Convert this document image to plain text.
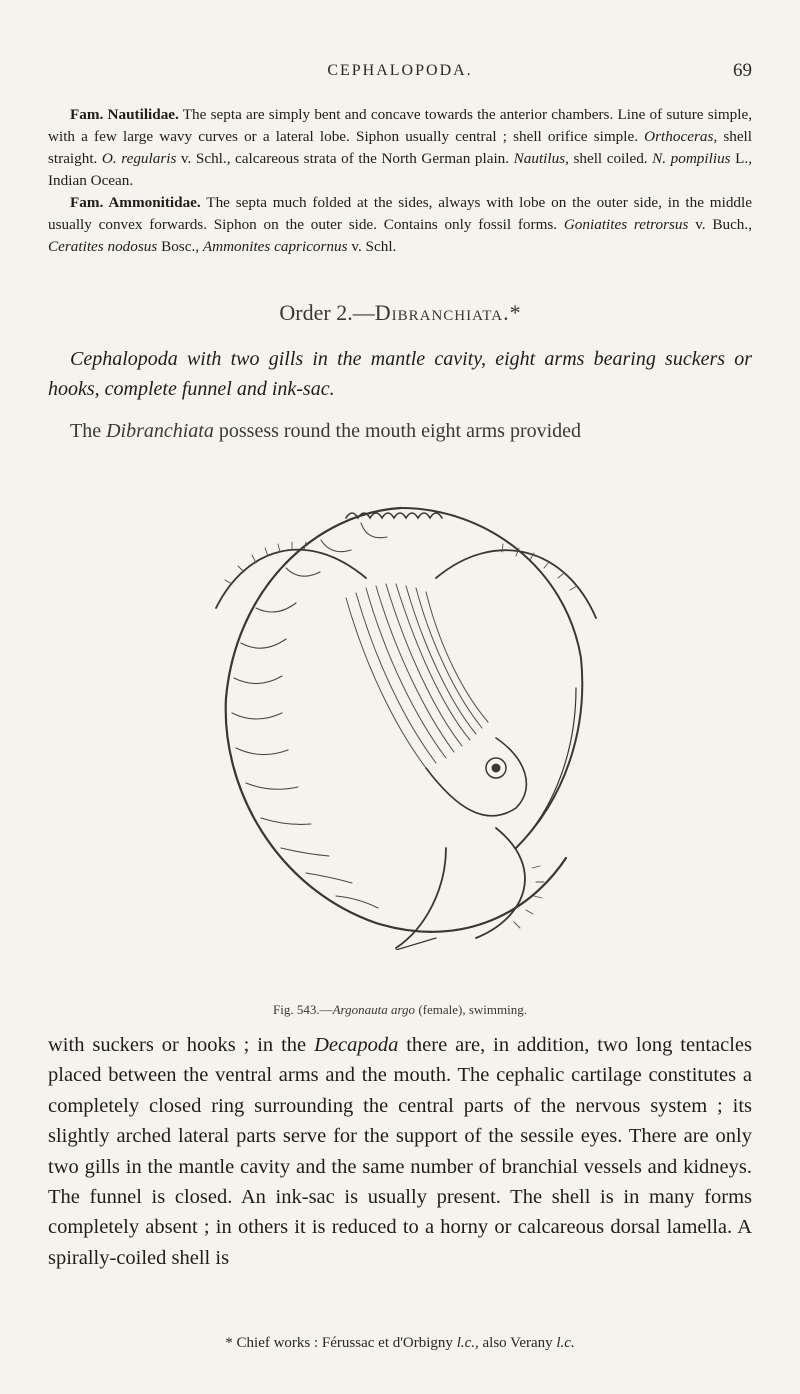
CEPHALOPODA.	69

Fam. Nautilidae. The septa are simply bent and concave towards the anterior chambers. Line of suture simple, with a few large wavy curves or a lateral lobe. Siphon usually central ; shell orifice simple. Orthoceras, shell straight. O. regularis v. Schl., calcareous strata of the North German plain. Nautilus, shell coiled. N. pompilius L., Indian Ocean.

Fam. Ammonitidae. The septa much folded at the sides, always with lobe on the outer side, in the middle usually convex forwards. Siphon on the outer side. Contains only fossil forms. Goniatites retrorsus v. Buch., Ceratites nodosus Bosc., Ammonites capricornus v. Schl.

Order 2.—Dibranchiata.*

Cephalopoda with two gills in the mantle cavity, eight arms bearing suckers or hooks, complete funnel and ink-sac.

The Dibranchiata possess round the mouth eight arms provided

Fig. 543.—Argonauta argo (female), swimming.

with suckers or hooks ; in the Decapoda there are, in addition, two long tentacles placed between the ventral arms and the mouth. The cephalic cartilage constitutes a completely closed ring surrounding the central parts of the nervous system ; its slightly arched lateral parts serve for the support of the sessile eyes. There are only two gills in the mantle cavity and the same number of branchial vessels and kidneys. The funnel is closed. An ink-sac is usually present. The shell is in many forms completely absent ; in others it is reduced to a horny or calcareous dorsal lamella. A spirally-coiled shell is

* Chief works : Férussac et d'Orbigny l.c., also Verany l.c.
